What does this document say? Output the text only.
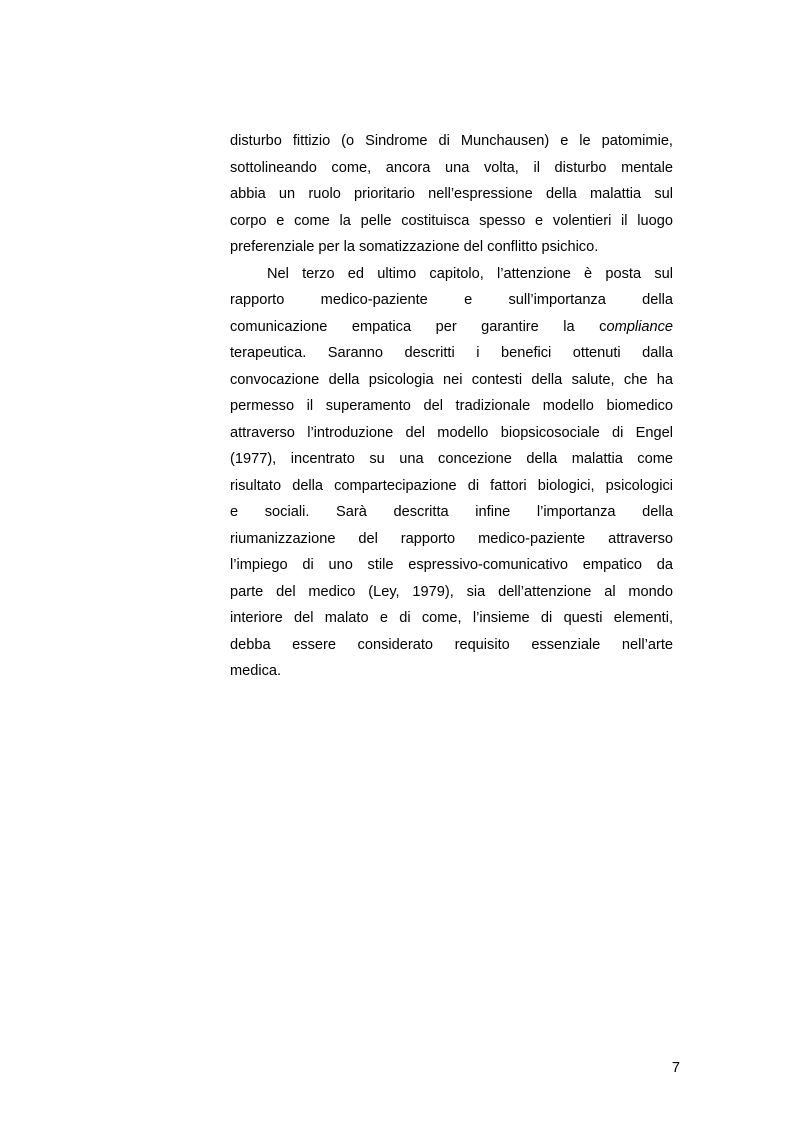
disturbo fittizio (o Sindrome di Munchausen) e le patomimie,
sottolineando come, ancora una volta, il disturbo mentale
abbia un ruolo prioritario nell’espressione della malattia sul
corpo e come la pelle costituisca spesso e volentieri il luogo
preferenziale per la somatizzazione del conflitto psichico.
Nel terzo ed ultimo capitolo, l’attenzione è posta sul
rapporto medico-paziente e sull’importanza della
comunicazione empatica per garantire la compliance
terapeutica. Saranno descritti i benefici ottenuti dalla
convocazione della psicologia nei contesti della salute, che ha
permesso il superamento del tradizionale modello biomedico
attraverso l’introduzione del modello biopsicosociale di Engel
(1977), incentrato su una concezione della malattia come
risultato della compartecipazione di fattori biologici, psicologici
e sociali. Sarà descritta infine l’importanza della
riumanizzazione del rapporto medico-paziente attraverso
l’impiego di uno stile espressivo-comunicativo empatico da
parte del medico (Ley, 1979), sia dell’attenzione al mondo
interiore del malato e di come, l’insieme di questi elementi,
debba essere considerato requisito essenziale nell’arte
medica.
7
